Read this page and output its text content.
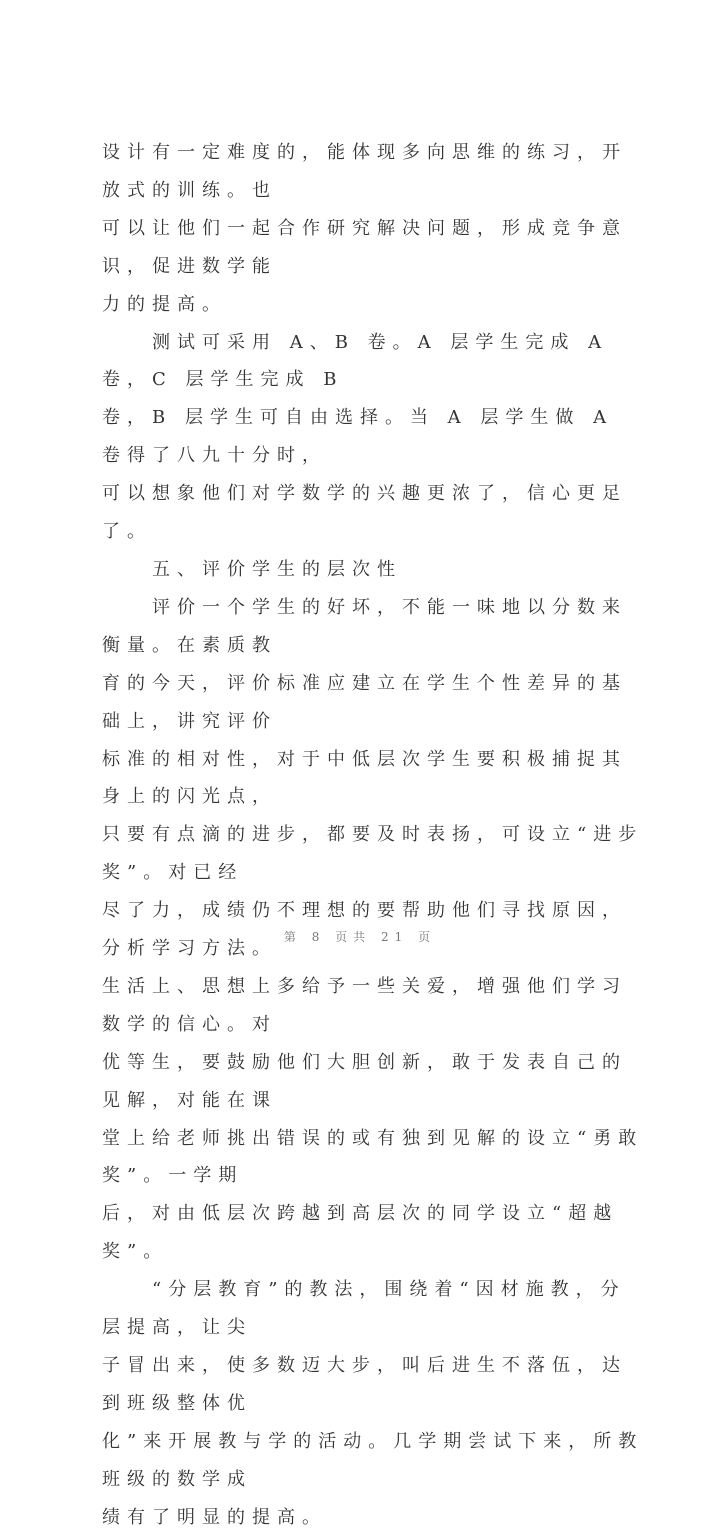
设计有一定难度的，能体现多向思维的练习，开放式的训练。也
可以让他们一起合作研究解决问题，形成竞争意识，促进数学能
力的提高。
　　测试可采用 A、B 卷。A 层学生完成 A 卷，C 层学生完成 B
卷，B 层学生可自由选择。当 A 层学生做 A 卷得了八九十分时，
可以想象他们对学数学的兴趣更浓了，信心更足了。
　　五、评价学生的层次性
　　评价一个学生的好坏，不能一味地以分数来衡量。在素质教
育的今天，评价标准应建立在学生个性差异的基础上，讲究评价
标准的相对性，对于中低层次学生要积极捕捉其身上的闪光点，
只要有点滴的进步，都要及时表扬，可设立“进步奖”。对已经
尽了力，成绩仍不理想的要帮助他们寻找原因，分析学习方法。
生活上、思想上多给予一些关爱，增强他们学习数学的信心。对
优等生，要鼓励他们大胆创新，敢于发表自己的见解，对能在课
堂上给老师挑出错误的或有独到见解的设立“勇敢奖”。一学期
后，对由低层次跨越到高层次的同学设立“超越奖”。
　　“分层教育”的教法，围绕着“因材施教，分层提高，让尖
子冒出来，使多数迈大步，叫后进生不落伍，达到班级整体优
化”来开展教与学的活动。几学期尝试下来，所教班级的数学成
绩有了明显的提高。
第 8 页共 21 页
